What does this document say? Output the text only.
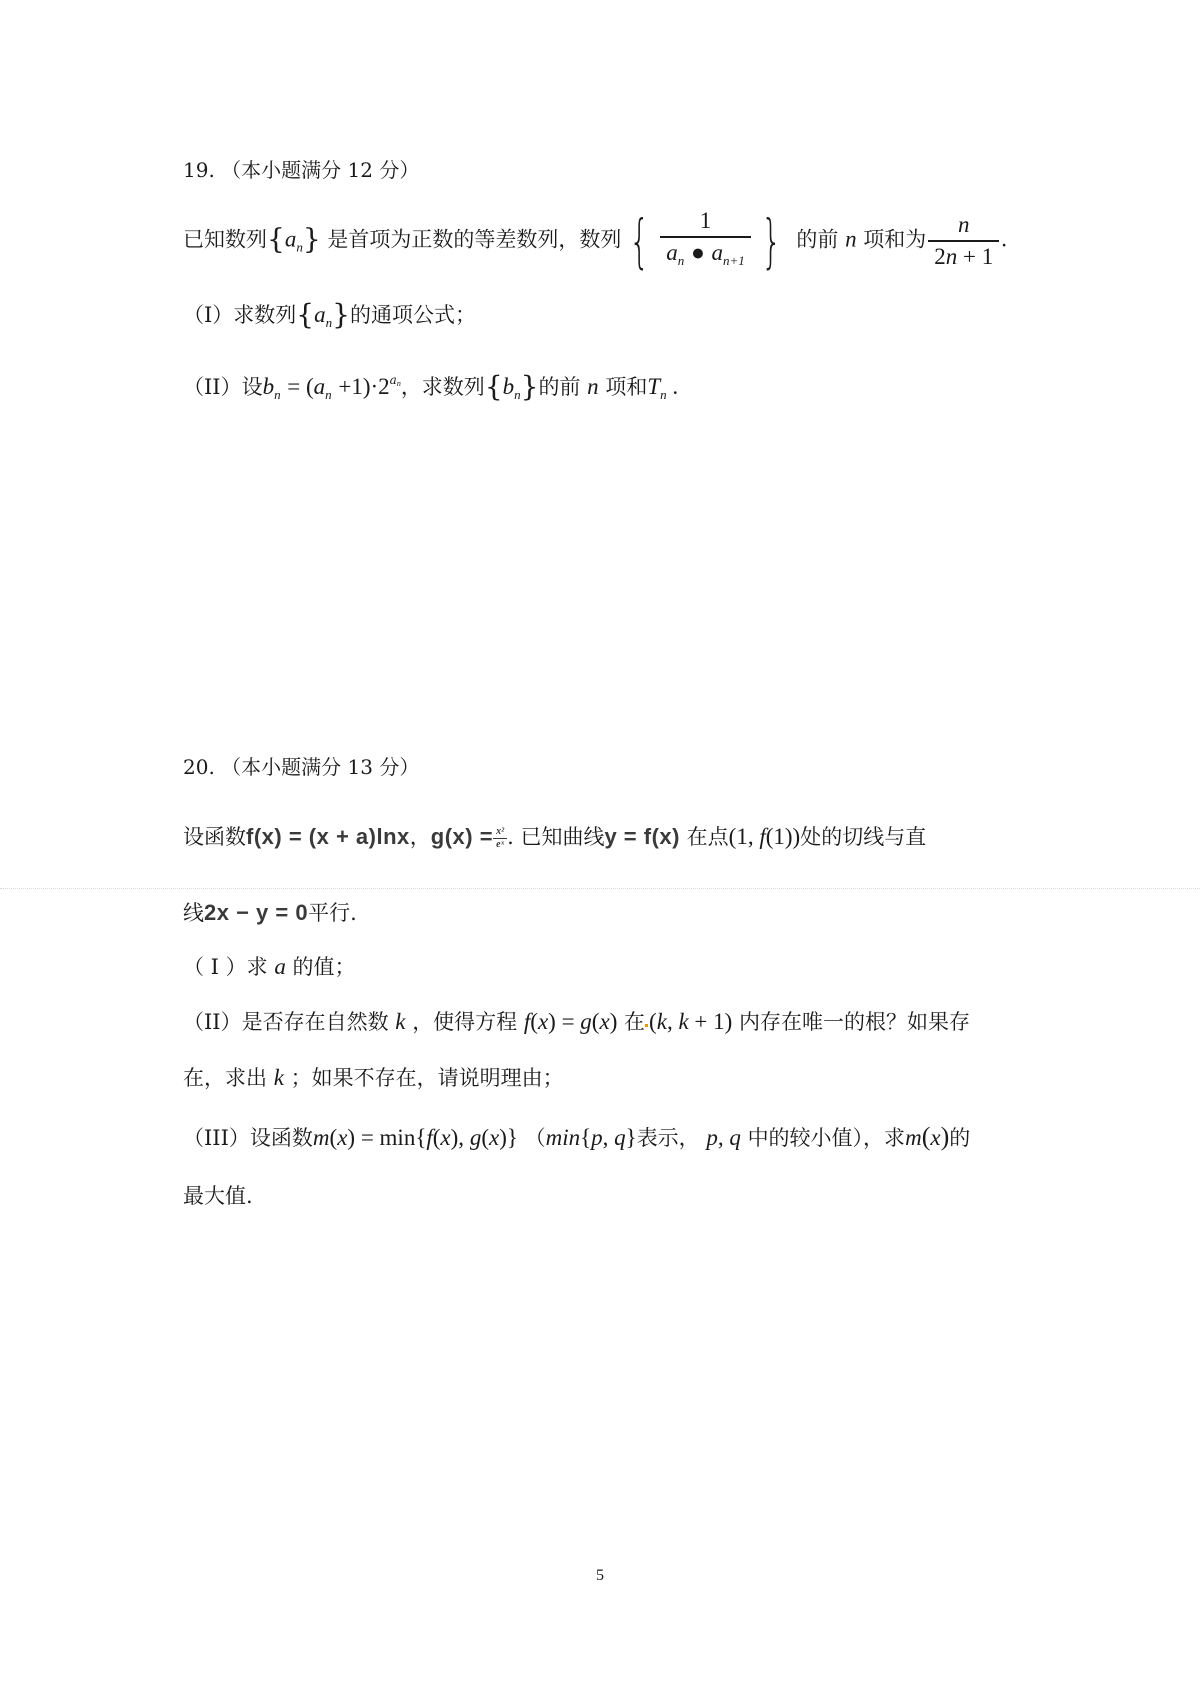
19. （本小题满分 12 分）
已知数列$\{a_n\}$ 是首项为正数的等差数列，数列 { $\frac{1}{a_n ● a_{n+1}}$ } 的前 n 项和为 $\frac{n}{2n + 1}$ .
（I）求数列$\{a_n\}$的通项公式；
（II）设$b_n = (a_n +1)\cdot 2^{a_n}$，求数列$\{b_n\}$的前 n 项和$T_n$ .
20. （本小题满分 13 分）
设函数f(x) = (x + a)lnx，g(x) = x²
eˣ . 已知曲线y = f(x) 在点(1, f(1))处的切线与直
线2x − y = 0平行.
（ I ）求 a 的值；
（II）是否存在自然数 k ，使得方程 f(x) = g(x) 在 (k, k + 1) 内存在唯一的根？如果存
在，求出 k ；如果不存在，请说明理由；
（III）设函数m(x) = min{f(x), g(x)} （min{p, q}表示， p, q 中的较小值），求m(x)的
最大值.
5
